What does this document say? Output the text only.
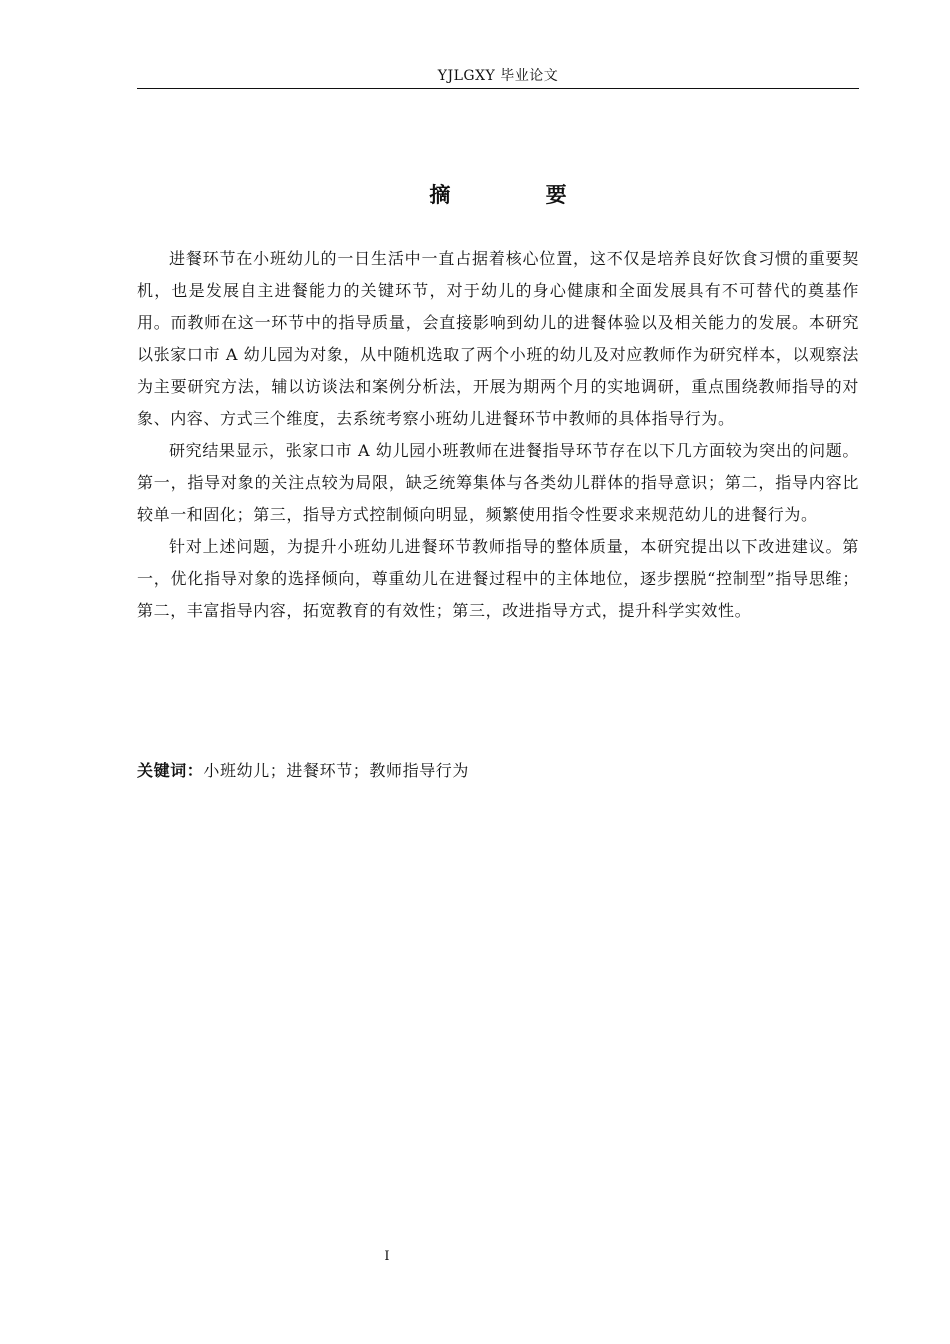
YJLGXY 毕业论文
摘 要

进餐环节在小班幼儿的一日生活中一直占据着核心位置，这不仅是培养良好饮食习惯的重要契机，也是发展自主进餐能力的关键环节，对于幼儿的身心健康和全面发展具有不可替代的奠基作用。而教师在这一环节中的指导质量，会直接影响到幼儿的进餐体验以及相关能力的发展。本研究以张家口市 A 幼儿园为对象，从中随机选取了两个小班的幼儿及对应教师作为研究样本，以观察法为主要研究方法，辅以访谈法和案例分析法，开展为期两个月的实地调研，重点围绕教师指导的对象、内容、方式三个维度，去系统考察小班幼儿进餐环节中教师的具体指导行为。

研究结果显示，张家口市 A 幼儿园小班教师在进餐指导环节存在以下几方面较为突出的问题。第一，指导对象的关注点较为局限，缺乏统筹集体与各类幼儿群体的指导意识；第二，指导内容比较单一和固化；第三，指导方式控制倾向明显，频繁使用指令性要求来规范幼儿的进餐行为。

针对上述问题，为提升小班幼儿进餐环节教师指导的整体质量，本研究提出以下改进建议。第一，优化指导对象的选择倾向，尊重幼儿在进餐过程中的主体地位，逐步摆脱“控制型”指导思维；第二，丰富指导内容，拓宽教育的有效性；第三，改进指导方式，提升科学实效性。

关键词：小班幼儿；进餐环节；教师指导行为
I
